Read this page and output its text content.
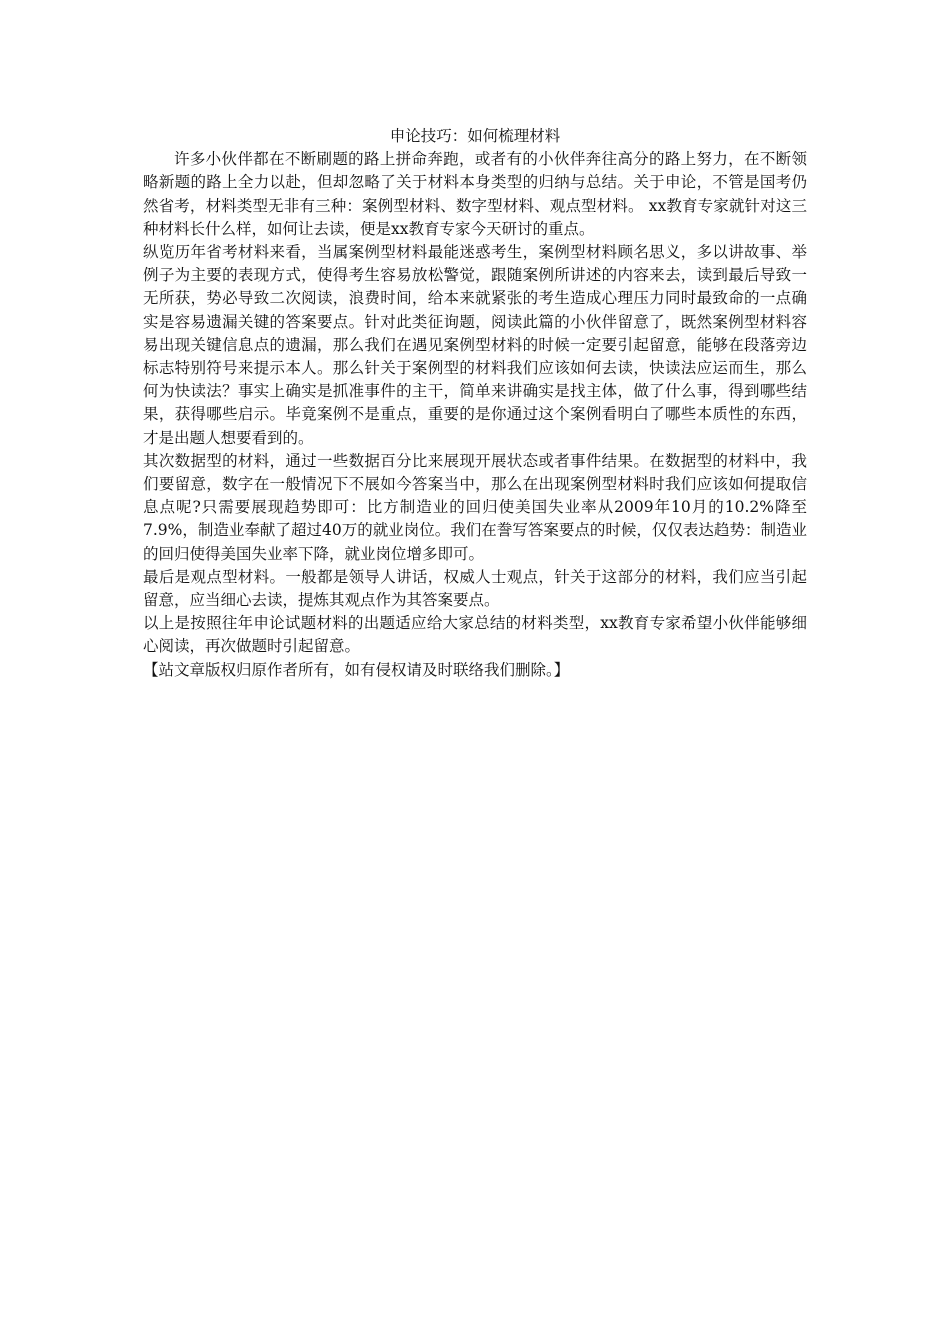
申论技巧：如何梳理材料

许多小伙伴都在不断刷题的路上拼命奔跑，或者有的小伙伴奔往高分的路上努力，在不断领略新题的路上全力以赴，但却忽略了关于材料本身类型的归纳与总结。关于申论，不管是国考仍然省考，材料类型无非有三种：案例型材料、数字型材料、观点型材料。 xx教育专家就针对这三种材料长什么样，如何让去读，便是xx教育专家今天研讨的重点。

纵览历年省考材料来看，当属案例型材料最能迷惑考生，案例型材料顾名思义，多以讲故事、举例子为主要的表现方式，使得考生容易放松警觉，跟随案例所讲述的内容来去，读到最后导致一无所获，势必导致二次阅读，浪费时间，给本来就紧张的考生造成心理压力同时最致命的一点确实是容易遗漏关键的答案要点。针对此类征询题，阅读此篇的小伙伴留意了，既然案例型材料容易出现关键信息点的遗漏，那么我们在遇见案例型材料的时候一定要引起留意，能够在段落旁边标志特别符号来提示本人。那么针关于案例型的材料我们应该如何去读，快读法应运而生，那么何为快读法？事实上确实是抓准事件的主干，简单来讲确实是找主体，做了什么事，得到哪些结果，获得哪些启示。毕竟案例不是重点，重要的是你通过这个案例看明白了哪些本质性的东西，才是出题人想要看到的。

其次数据型的材料，通过一些数据百分比来展现开展状态或者事件结果。在数据型的材料中，我们要留意，数字在一般情况下不展如今答案当中，那么在出现案例型材料时我们应该如何提取信息点呢?只需要展现趋势即可：比方制造业的回归使美国失业率从2009年10月的10.2%降至7.9%，制造业奉献了超过40万的就业岗位。我们在誊写答案要点的时候，仅仅表达趋势：制造业的回归使得美国失业率下降，就业岗位增多即可。

最后是观点型材料。一般都是领导人讲话，权威人士观点，针关于这部分的材料，我们应当引起留意，应当细心去读，提炼其观点作为其答案要点。

以上是按照往年申论试题材料的出题适应给大家总结的材料类型，xx教育专家希望小伙伴能够细心阅读，再次做题时引起留意。

【站文章版权归原作者所有，如有侵权请及时联络我们删除。】
